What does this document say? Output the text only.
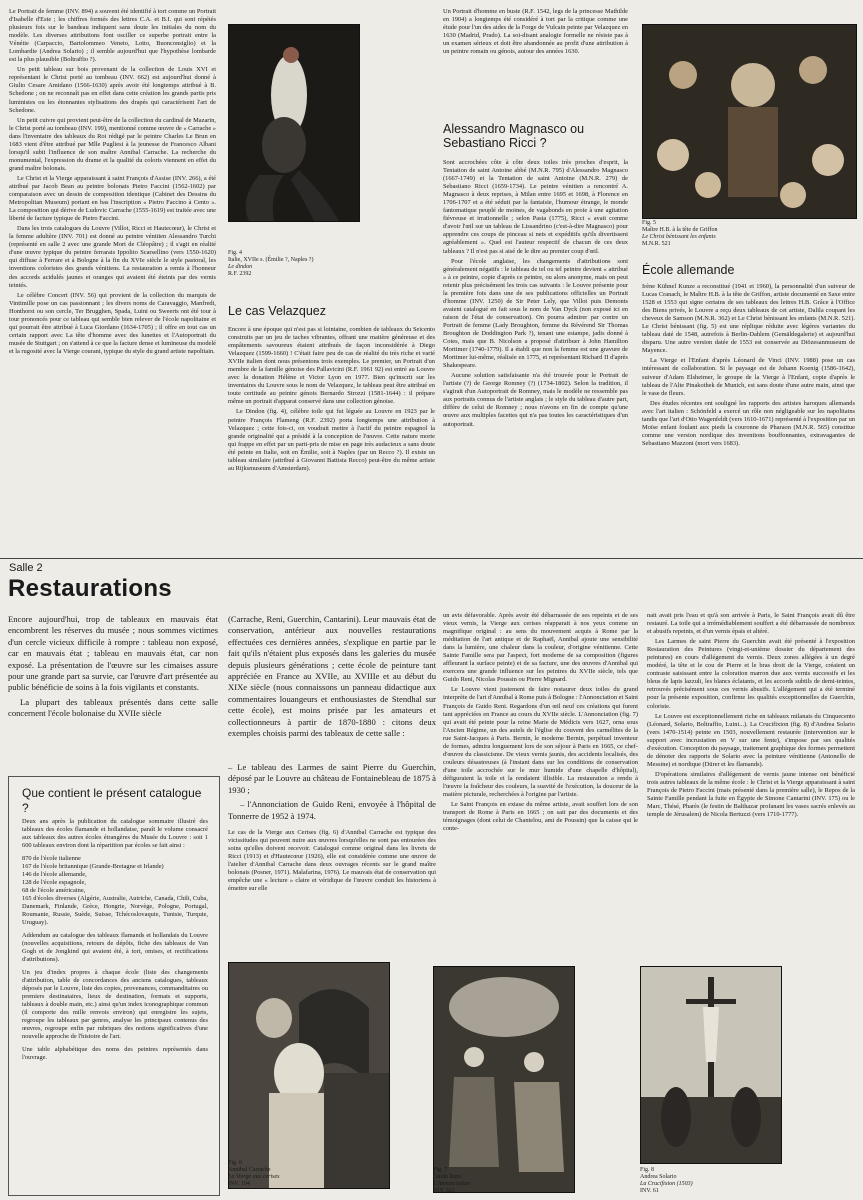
Le Portrait de femme (INV. 894) a souvent été identifié à tort comme un Portrait d'Isabelle d'Este ; les chiffres formés des lettres C.A. et B.I. qui sont répétés plusieurs fois sur le bandeau indiquent sans doute les initiales du nom du modèle. Les diverses attributions font osciller ce superbe portrait entre la Vénétie (Carpaccio, Bartolommeo Veneto, Lotto, Buonconsiglio) et la Lombardie (Andrea Solario) ; il semble aujourd'hui que l'hypothèse lombarde est la plus plausible (Boltraffio ?).

Un petit tableau sur bois provenant de la collection de Louis XVI et représentant le Christ porté au tombeau (INV. 662) est aujourd'hui donné à Giulio Cesare Amidano (1566-1630) après avoir été longtemps attribué à B. Schedone ; on ne reconnaît pas en effet dans cette création les grands partis pris luministes ou les étonnantes stylisations des drapés qui caractérisent l'art de Schedone.

Un petit cuivre qui provient peut-être de la collection du cardinal de Mazarin, le Christ porté au tombeau (INV. 199), mentionné comme œuvre de « Carrache » dans l'inventaire des tableaux du Roi rédigé par le peintre Charles Le Brun en 1683 vient d'être attribué par Mlle Pugliesi à la jeunesse de Francesco Albani lorsqu'il subit l'influence de son maître Annibal Carrache. La recherche du monumental, l'expression du drame et la qualité du coloris viennent en effet du grand maître bolonais.

Le Christ et la Vierge apparaissant à saint François d'Assise (INV. 266), a été attribué par Jacob Bean au peintre bolonais Pietro Faccini (1562-1602) par comparaison avec un dessin de composition identique (Cabinet des Dessins du Metropolitan Museum) portant en bas l'inscription « Pietro Faccino à Cento ». La composition qui dérive de Ludovic Carrache (1555-1619) est traitée avec une liberté de facture typique de Pietro Faccini.

Dans les trois catalogues du Louvre (Villot, Ricci et Hautecœur), le Christ et la femme adultère (INV. 701) est donné au peintre vénitien Alessandro Turchi (représenté en salle 2 avec une grande Mort de Cléopâtre) ; il s'agit en réalité d'une œuvre typique du peintre ferrarais Ippolito Scarsellino (vers 1550-1620) qui diffuse à Ferrare et à Bologne à la fin du XVIe siècle le style pastoral, les inventions coloristes des grands vénitiens. La restauration a remis à l'honneur des accords acidulés jaunes et oranges qui avaient été éteints par des vernis teintés.

Le célèbre Concert (INV. 56) qui provient de la collection du marquis de Vintimille pose un cas passionnant ; les divers noms de Caravaggio, Manfredi, Honthorst ou son cercle, Ter Brugghen, Spada, Luini ou Sweerts ont été tour à tour prononcés pour ce tableau qui semble bien relever de l'école napolitaine et qui pourrait être attribué à Luca Giordano (1634-1705) ; il offre en tout cas un certain rapport avec La tête d'homme avec des lunettes et l'Autoportrait du musée de Stuttgart ; on s'attend à ce que la facture dense et lumineuse du modelé et la rugosité avec la Vierge courant, typique du style du grand artiste napolitain.

Fig. 4
Italie, XVIIe s. (Émilie ?, Naples ?)
Le dindon
R.F. 2392
Le cas Velazquez

Encore à une époque qui n'est pas si lointaine, combien de tableaux du Seicento construits par un jeu de taches vibrantes, offrant une matière généreuse et des empâtements savoureux étaient attribués de façon inconsidérée à Diego Velazquez (1599-1660) ! C'était faire peu de cas de réalité du très riche et varié XVIIe italien dont nous présentons trois exemples. Le premier, un Portrait d'un membre de la famille génoise des Pallavicini (R.F. 1961 92) est entré au Louvre avec la donation Hélène et Victor Lyon en 1977. Bien qu'inscrit sur les inventaires du Louvre sous le nom de Velazquez, le tableau peut être attribué en toute certitude au peintre génois Bernardo Strozzi (1581-1644) : il prépare même un portrait d'apparat conservé dans une collection génoise.

Le Dindon (fig. 4), célèbre toile qui fut léguée au Louvre en 1923 par le peintre François Flameng (R.F. 2392) porta longtemps une attribution à Velazquez ; cette fois-ci, on voudrait mettre à l'actif du peintre espagnol la grande originalité qui a présidé à la conception de l'œuvre. Cette nature morte qui frappe en effet par un parti-pris de mise en page très audacieux a sans doute été peinte en Italie, soit en Émilie, soit à Naples (par un Recco ?). Il existe un tableau similaire (attribué à Giovanni Battista Recco) peut-être du même artiste au Rijksmuseum d'Amsterdam).

Un Portrait d'homme en buste (R.F. 1542, legs de la princesse Mathilde en 1904) a longtemps été considéré à tort par la critique comme une étude pour l'un des aides de la Forge de Vulcain peinte par Velazquez en 1630 (Madrid, Prado). La soi-disant analogie formelle ne résiste pas à un examen sérieux et doit être abandonnée au profit d'une attribution à un peintre romain ou génois, autour des années 1630.

Alessandro Magnasco ou Sebastiano Ricci ?

Sont accrochées côte à côte deux toiles très proches d'esprit, la Tentation de saint Antoine abbé (M.N.R. 795) d'Alessandro Magnasco (1667-1749) et la Tentation de saint Antoine (M.N.R. 279) de Sebastiano Ricci (1659-1734). Le peintre vénitien a rencontré A. Magnasco à deux reprises, à Milan entre 1695 et 1698, à Florence en 1706-1707 et a été séduit par la fantaisie, l'humour étrange, le monde fantomatique peuplé de moines, de vagabonds en proie à une agitation fiévreuse et irrationnelle ; selon Pasta (1775), Ricci « avait comme d'avoir l'œil sur un tableau de Lissandrino (c'est-à-dire Magnasco) pour apprendre ces coups de pinceau si nets et expéditifs qu'ils divertissent agréablement ». Quel est l'auteur respectif de chacun de ces deux tableaux ? Il n'est pas si aisé de le dire au premier coup d'œil.

Pour l'école anglaise, les changements d'attributions sont généralement négatifs : le tableau de tel ou tel peintre devient « attribué » à ce peintre, copie d'après ce peintre, ou alors anonyme, mais on peut retenir plus précisément les trois cas suivants : le Louvre présente pour la première fois dans une de ses publications officielles un Portrait d'homme (INV. 1250) de Sir Peter Lely, que Villot puis Demonts avaient catalogué en fait sous le nom de Van Dyck (non exposé ici en raison de l'état de conservation). On pourra admirer par contre un Portrait de femme (Lady Broughton, femme du Révérend Sir Thomas Broughton de Doddington Park ?), tenant une estampe, jadis donné à Cotes, mais que B. Nicolson a proposé d'attribuer à John Hamilton Mortimer (1740-1779). Il a établi que non la femme est une gravure de Mortimer lui-même, réalisée en 1775, et représentant Richard II d'après Shakespeare.

Aucune solution satisfaisante n'a été trouvée pour le Portrait de l'artiste (?) de George Romney (?) (1734-1802). Selon la tradition, il s'agirait d'un Autoportrait de Romney, mais le modèle ne ressemble pas aux portraits connus de l'artiste anglais ; le style du tableau d'autre part, diffère de celui de Romney ; nous n'avons en fin de compte qu'une œuvre aux multiples facettes qui n'a pas toutes les caractéristiques d'un autoportrait.

Fig. 5
Maître H.B. à la tête de Griffon
Le Christ bénissant les enfants
M.N.R. 521
École allemande

Irène Kühnel Kunze a reconstitué (1941 et 1960), la personnalité d'un suiveur de Lucas Cranach, le Maître H.B. à la tête de Griffon, artiste documenté en Saxe entre 1528 et 1553 qui signe certains de ses tableaux des lettres H.B. Grâce à l'Office des Biens privés, le Louvre a reçu deux tableaux de cet artiste, Dalila coupant les cheveux de Samson (M.N.R. 362) et Le Christ bénissant les enfants (M.N.R. 521). Le Christ bénissant (fig. 5) est une réplique réduite avec légères variantes du tableau daté de 1548, autrefois à Berlin-Dahlem (Gemäldegalerie) et aujourd'hui disparu. Une autre version datée de 1553 est conservée au Diözesanmuseum de Mayence.

La Vierge et l'Enfant d'après Léonard de Vinci (INV. 1988) pose un cas intéressant de collaboration. Si le paysage est de Johann Koenig (1586-1642), suiveur d'Adam Elsheimer, le groupe de la Vierge à l'Enfant, copie d'après le tableau de l'Alte Pinakothek de Munich, est sans doute d'une autre main, ainsi que le vase de fleurs.

Des études récentes ont souligné les rapports des artistes haroques allemands avec l'art italien : Schönfeld a exercé un rôle non négligeable sur les napolitains tandis que l'art d'Otto Wagenfeldt (vers 1610-1671) représenté à l'exposition par un Moïse enfant foulant aux pieds la couronne de Pharaon (M.N.R. 565) constitue comme une version nordique des inventions bouffonnantes, extravagantes de Sebastiano Mazzoni (mort vers 1683).

Salle 2
Restaurations

Encore aujourd'hui, trop de tableaux en mauvais état encombrent les réserves du musée ; nous sommes victimes d'un cercle vicieux difficile à rompre : tableau non exposé, car en mauvais état ; tableau en mauvais état, car non exposé. La présentation de l'œuvre sur les cimaises assure pour une grande part sa survie, car l'œuvre d'art présentée au public bénéficie de soins à la fois vigilants et constants.

La plupart des tableaux présentés dans cette salle concernent l'école bolonaise du XVIIe siècle

(Carrache, Reni, Guerchin, Cantarini). Leur mauvais état de conservation, antérieur aux nouvelles restaurations effectuées ces dernières années, s'explique en partie par le fait qu'ils n'étaient plus exposés dans les galeries du musée depuis plusieurs générations ; cette école de peinture tant appréciée en France au XVIIe, au XVIIIe et au début du XIXe siècle (nous connaissons un panneau didactique aux commentaires louangeurs et enthousiastes de Stendhal sur cette école), est moins prisée par les amateurs et collectionneurs à partir de 1870-1880 : citons deux exemples choisis parmi des tableaux de cette salle :

– Le tableau des Larmes de saint Pierre du Guerchin, déposé par le Louvre au château de Fontainebleau de 1875 à 1930 ;

– l'Annonciation de Guido Reni, envoyée à l'hôpital de Tonnerre de 1952 à 1974.

Le cas de la Vierge aux Cerises (fig. 6) d'Annibal Carrache est typique des vicissitudes qui peuvent nuire aux œuvres lorsqu'elles ne sont pas entourées des soins qu'elles doivent recevoir. Catalogué comme original dans les livrets de Ricci (1913) et d'Hautecœur (1926), elle est considérée comme une œuvre de l'atelier d'Annibal Carrache dans deux ouvrages récents sur le grand maître bolonais (Posner, 1971). Malafarina, 1976). Le mauvais état de conservation qui empêche une « lecture » claire et véridique de l'œuvre conduit les historiens à émettre sur elle

un avis défavorable. Après avoir été débarrassée de ses repeints et de ses vieux vernis, la Vierge aux cerises réapparait à nos yeux comme un magnifique original : au sens du mouvement acquis à Rome par la méditation de l'art antique et de Raphaël, Annibal ajoute une sensibilité dans la lumière, une chaleur dans la couleur, d'origine vénitienne. Cette Sainte Famille sera par l'aspect, fort moderne de sa composition (figures affleurant la surface peinte) et de sa facture, une des œuvres d'Annibal qui exercera une grande influence sur les peintres du XVIIe siècle, tels que Guido Reni, Nicolas Poussin ou Pierre Mignard.

Le Louvre vient justement de faire restaurer deux toiles du grand interprète de l'art d'Annibal à Rome puis à Bologne : l'Annonciation et Saint François de Guido Reni. Regardons d'un œil neuf ces créations qui furent tant appréciées en France au cours du XVIIe siècle. L'Annonciation (fig. 7) qui avait été peinte pour la reine Marie de Médicis vers 1627, orna sous l'Ancien Régime, un des autels de l'église du couvent des carmélites de la rue Saint-Jacques à Paris. Bernin, le moderne Bernin, perpétuel inventeur de formes, admira longuement lors de son séjour à Paris en 1665, ce chef-d'œuvre du classicisme. De vieux vernis jaunis, des accidents localisés, des couleurs désastreuses (à l'instant dans sur les conditions de conservation d'une toile accrochée sur le mur humide d'une chapelle d'hôpital), défiguraient la toile et la rendaient illisible. La restauration a rendu à l'œuvre la fraîcheur des couleurs, la suavité de l'exécution, la douceur de la matière picturale, recherchées à l'origine par l'artiste.

Le Saint François en extase du même artiste, avait souffert lors de son transport de Rome à Paris en 1665 ; on sait par des documents et des témoignages (dont celui de Chantelou, ami de Poussin) que la caisse qui le conte-

nait avait pris l'eau et qu'à son arrivée à Paris, le Saint François avait dû être restauré. La toile qui a irrémédiablement souffert a été débarrassée de nombreux et abusifs repeints, et d'un vernis épais et altéré.

Les Larmes de saint Pierre du Guerchin avait été présenté à l'exposition Restauration des Peintures (vingt-et-unième dossier du département des peintures) en cours d'allégement du vernis. Deux zones allégées à un degré modéré, la tête et le cou de Pierre et le bras droit de la Vierge, créaient un contraste saisissant entre la coloration marron due aux vernis successifs et les bleus de lapis lazzuli, les blancs éclatants, et les accords subtils de demi-teintes, retrouvés précisément sous ces vernis abusifs. L'allégement qui a été terminé pour la présente exposition, confirme les qualités exceptionnelles de Guerchin, coloriste.

Le Louvre est exceptionnellement riche en tableaux milanais du Cinquecento (Léonard, Solario, Boltraffio, Luini...). La Crucifixion (fig. 8) d'Andrea Solario (vers 1470-1514) peinte en 1503, nouvellement restaurée (intervention sur le support avec incrustation en V sur une fente), s'impose par ses qualités d'exécution. Conception du paysage, traitement graphique des formes permettent de dénoter des rapports de Solario avec la peinture vénitienne (Antonello de Messine) et nordique (Dürer et les flamands).

D'opérations similaires d'allégement de vernis jaune intense ont bénéficié trois autres tableaux de la même école : le Christ et la Vierge apparaissant à saint François de Pietro Faccini (mais présenté dans la première salle), le Repos de la Sainte Famille pendant la fuite en Égypte de Simone Cantarini (INV. 175) ou le Marc, Thésé, Pharès (le festin de Balthazar profanant les vases sacrés enlevés au temple de Jérusalem) de Nicola Bertuzzi (vers 1710-1777).

Que contient le présent catalogue ?

Deux ans après la publication du catalogue sommaire illustré des tableaux des écoles flamande et hollandaise, paraît le volume consacré aux tableaux des autres écoles étrangères du Musée du Louvre : soit 1 600 tableaux environ dont la répartition par écoles se fait ainsi :

870 de l'école italienne
167 de l'école britannique (Grande-Bretagne et Irlande)
146 de l'école allemande,
128 de l'école espagnole,
68 de l'école américaine,
165 d'écoles diverses (Algérie, Australie, Autriche, Canada, Chili, Cuba, Danemark, Finlande, Grèce, Hongrie, Norvège, Pologne, Portugal, Roumanie, Russie, Suède, Suisse, Tchécoslovaquie, Tunisie, Turquie, Uruguay).

Addendum au catalogue des tableaux flamands et hollandais du Louvre (nouvelles acquisitions, retours de dépôts, fiche des tableaux de Van Gogh et de Jongkind qui avaient été, à tort, omises, et rectifications d'attributions).

Un jeu d'index propres à chaque école (liste des changements d'attribution, table de concordances des anciens catalogues, tableaux déposés par le Louvre, liste des copies, provenances, commanditaires ou premiers destinataires, lieux de destination, formats et supports, tableaux à double main, etc.) ainsi qu'un index iconographique commun (il comporte des mille renvois environ) qui enregistre les sujets, regroupe les tableaux par genres, analyse les principaux contenus des œuvres, regroupe enfin par rubriques des notions significatives d'une nouvelle approche de l'histoire de l'art.

Une table alphabétique des noms des peintres représentés dans l'ouvrage.

Fig. 6
Annibal Carrache
La Vierge aux cerises
INV. 194
Fig. 7
Guido Reni
L'Annonciation
INV. 521
Fig. 8
Andrea Solario
La Crucifixion (1503)
INV. 61
